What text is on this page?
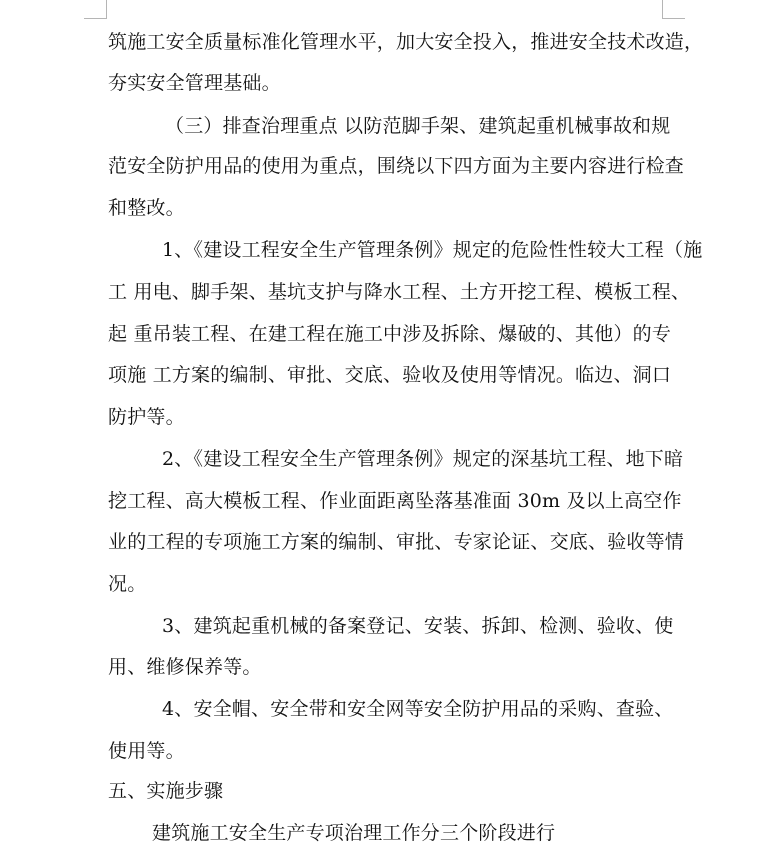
筑施工安全质量标准化管理水平，加大安全投入，推进安全技术改造，
夯实安全管理基础。
（三）排查治理重点 以防范脚手架、建筑起重机械事故和规
范安全防护用品的使用为重点，围绕以下四方面为主要内容进行检查
和整改。
1、《建设工程安全生产管理条例》规定的危险性性较大工程（施
工 用电、脚手架、基坑支护与降水工程、土方开挖工程、模板工程、
起 重吊装工程、在建工程在施工中涉及拆除、爆破的、其他）的专
项施 工方案的编制、审批、交底、验收及使用等情况。临边、洞口
防护等。
2、《建设工程安全生产管理条例》规定的深基坑工程、地下暗
挖工程、高大模板工程、作业面距离坠落基准面 30m 及以上高空作
业的工程的专项施工方案的编制、审批、专家论证、交底、验收等情
况。
3、建筑起重机械的备案登记、安装、拆卸、检测、验收、使
用、维修保养等。
4、安全帽、安全带和安全网等安全防护用品的采购、查验、
使用等。
五、实施步骤
建筑施工安全生产专项治理工作分三个阶段进行
